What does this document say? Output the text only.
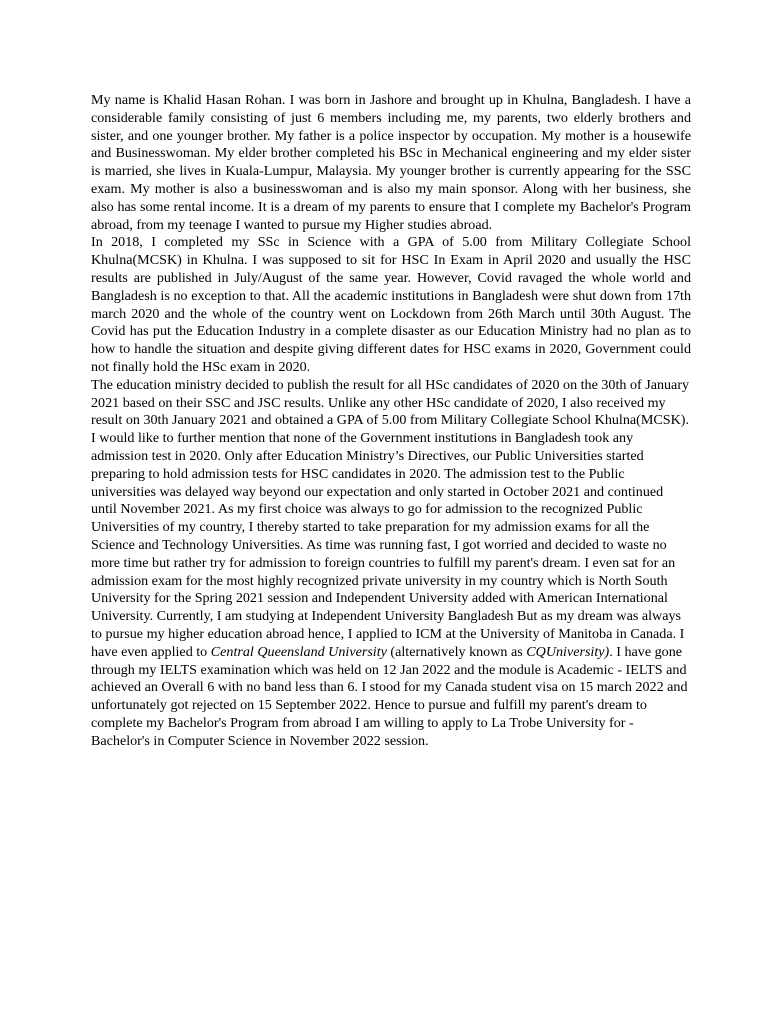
My name is Khalid Hasan Rohan. I was born in Jashore and brought up in Khulna, Bangladesh. I have a considerable family consisting of just 6 members including me, my parents, two elderly brothers and sister, and one younger brother. My father is a police inspector by occupation. My mother is a housewife and Businesswoman. My elder brother completed his BSc in Mechanical engineering and my elder sister is married, she lives in Kuala-Lumpur, Malaysia. My younger brother is currently appearing for the SSC exam. My mother is also a businesswoman and is also my main sponsor. Along with her business, she also has some rental income. It is a dream of my parents to ensure that I complete my Bachelor's Program abroad, from my teenage I wanted to pursue my Higher studies abroad.

In 2018, I completed my SSc in Science with a GPA of 5.00 from Military Collegiate School Khulna(MCSK) in Khulna. I was supposed to sit for HSC In Exam in April 2020 and usually the HSC results are published in July/August of the same year. However, Covid ravaged the whole world and Bangladesh is no exception to that. All the academic institutions in Bangladesh were shut down from 17th march 2020 and the whole of the country went on Lockdown from 26th March until 30th August. The Covid has put the Education Industry in a complete disaster as our Education Ministry had no plan as to how to handle the situation and despite giving different dates for HSC exams in 2020, Government could not finally hold the HSc exam in 2020.

The education ministry decided to publish the result for all HSc candidates of 2020 on the 30th of January 2021 based on their SSC and JSC results. Unlike any other HSc candidate of 2020, I also received my result on 30th January 2021 and obtained a GPA of 5.00 from Military Collegiate School Khulna(MCSK). I would like to further mention that none of the Government institutions in Bangladesh took any admission test in 2020. Only after Education Ministry’s Directives, our Public Universities started preparing to hold admission tests for HSC candidates in 2020. The admission test to the Public universities was delayed way beyond our expectation and only started in October 2021 and continued until November 2021. As my first choice was always to go for admission to the recognized Public Universities of my country, I thereby started to take preparation for my admission exams for all the Science and Technology Universities. As time was running fast, I got worried and decided to waste no more time but rather try for admission to foreign countries to fulfill my parent's dream. I even sat for an admission exam for the most highly recognized private university in my country which is North South University for the Spring 2021 session and Independent University added with American International University. Currently, I am studying at Independent University Bangladesh But as my dream was always to pursue my higher education abroad hence, I applied to ICM at the University of Manitoba in Canada. I have even applied to Central Queensland University (alternatively known as CQUniversity). I have gone through my IELTS examination which was held on 12 Jan 2022 and the module is Academic - IELTS and achieved an Overall 6 with no band less than 6. I stood for my Canada student visa on 15 march 2022 and unfortunately got rejected on 15 September 2022. Hence to pursue and fulfill my parent's dream to complete my Bachelor's Program from abroad I am willing to apply to La Trobe University for -Bachelor's in Computer Science in November 2022 session.
